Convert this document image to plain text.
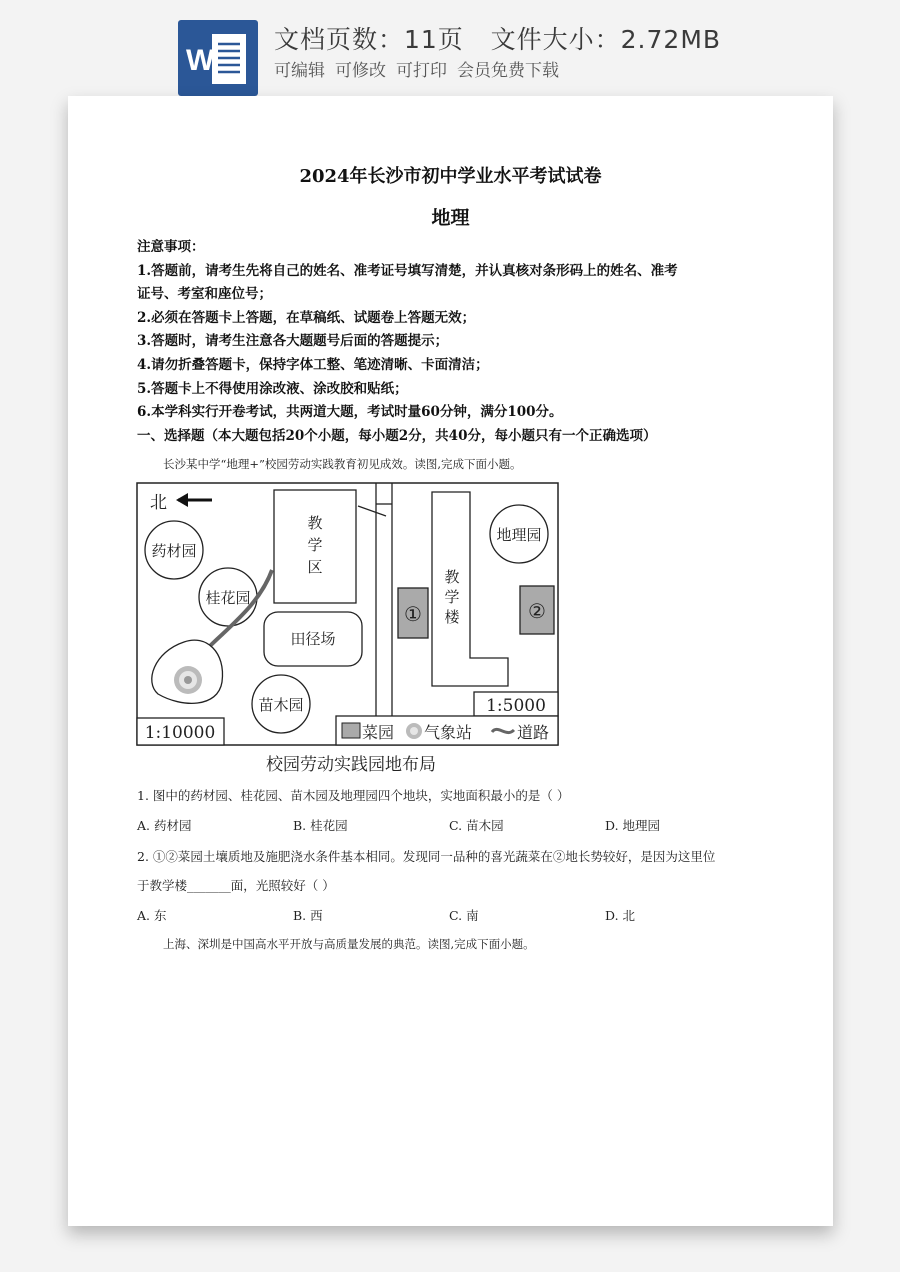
W
文档页数：11页   文件大小：2.72MB
可编辑 可修改 可打印 会员免费下载
2024年长沙市初中学业水平考试试卷
地理
注意事项：
1.答题前，请考生先将自己的姓名、准考证号填写清楚，并认真核对条形码上的姓名、准考
证号、考室和座位号；
2.必须在答题卡上答题，在草稿纸、试题卷上答题无效；
3.答题时，请考生注意各大题题号后面的答题提示；
4.请勿折叠答题卡，保持字体工整、笔迹清晰、卡面清洁；
5.答题卡上不得使用涂改液、涂改胶和贴纸；
6.本学科实行开卷考试，共两道大题，考试时量60分钟，满分100分。
一、选择题（本大题包括20个小题，每小题2分，共40分，每小题只有一个正确选项）
长沙某中学“地理+”校园劳动实践教育初见成效。读图,完成下面小题。
北
药材园
桂花园
教学区
田径场
苗木园
1:10000
①
教学楼
地理园
②
1:5000
菜园 气象站	道路
校园劳动实践园地布局
1. 图中的药材园、桂花园、苗木园及地理园四个地块，实地面积最小的是（ ）
A. 药材园	B. 桂花园	C. 苗木园	D. 地理园
2. ①②菜园土壤质地及施肥浇水条件基本相同。发现同一品种的喜光蔬菜在②地长势较好，是因为这里位
于教学楼_______面，光照较好（ ）
A. 东	B. 西	C. 南	D. 北
上海、深圳是中国高水平开放与高质量发展的典范。读图,完成下面小题。
